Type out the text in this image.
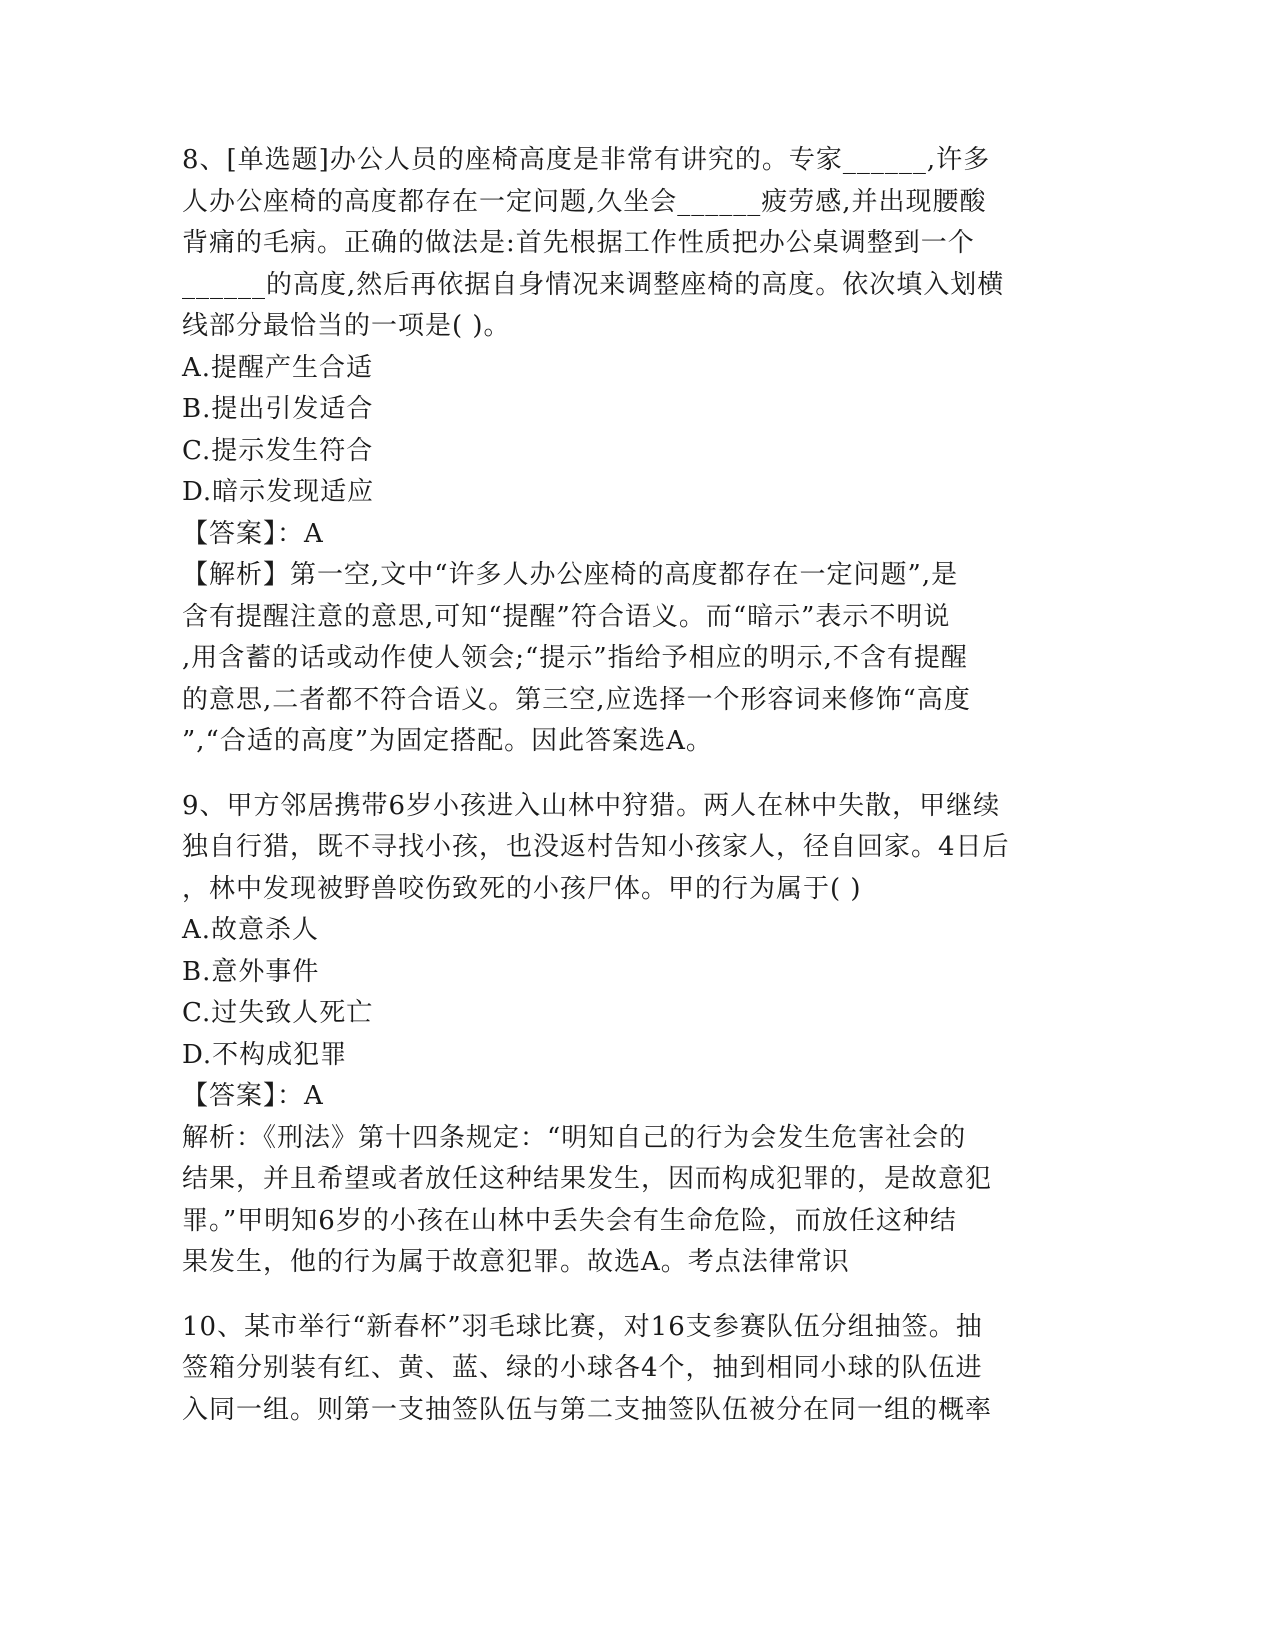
8、[单选题]办公人员的座椅高度是非常有讲究的。专家______,许多
人办公座椅的高度都存在一定问题,久坐会______疲劳感,并出现腰酸
背痛的毛病。正确的做法是:首先根据工作性质把办公桌调整到一个
______的高度,然后再依据自身情况来调整座椅的高度。依次填入划横
线部分最恰当的一项是( )。
A.提醒产生合适
B.提出引发适合
C.提示发生符合
D.暗示发现适应
【答案】：A
【解析】第一空,文中“许多人办公座椅的高度都存在一定问题”,是
含有提醒注意的意思,可知“提醒”符合语义。而“暗示”表示不明说
,用含蓄的话或动作使人领会;“提示”指给予相应的明示,不含有提醒
的意思,二者都不符合语义。第三空,应选择一个形容词来修饰“高度
”,“合适的高度”为固定搭配。因此答案选A。
9、甲方邻居携带6岁小孩进入山林中狩猎。两人在林中失散，甲继续
独自行猎，既不寻找小孩，也没返村告知小孩家人，径自回家。4日后
，林中发现被野兽咬伤致死的小孩尸体。甲的行为属于( )
A.故意杀人
B.意外事件
C.过失致人死亡
D.不构成犯罪
【答案】：A
解析：《刑法》第十四条规定：“明知自己的行为会发生危害社会的
结果，并且希望或者放任这种结果发生，因而构成犯罪的，是故意犯
罪。”甲明知6岁的小孩在山林中丢失会有生命危险，而放任这种结
果发生，他的行为属于故意犯罪。故选A。考点法律常识
10、某市举行“新春杯”羽毛球比赛，对16支参赛队伍分组抽签。抽
签箱分别装有红、黄、蓝、绿的小球各4个，抽到相同小球的队伍进
入同一组。则第一支抽签队伍与第二支抽签队伍被分在同一组的概率
